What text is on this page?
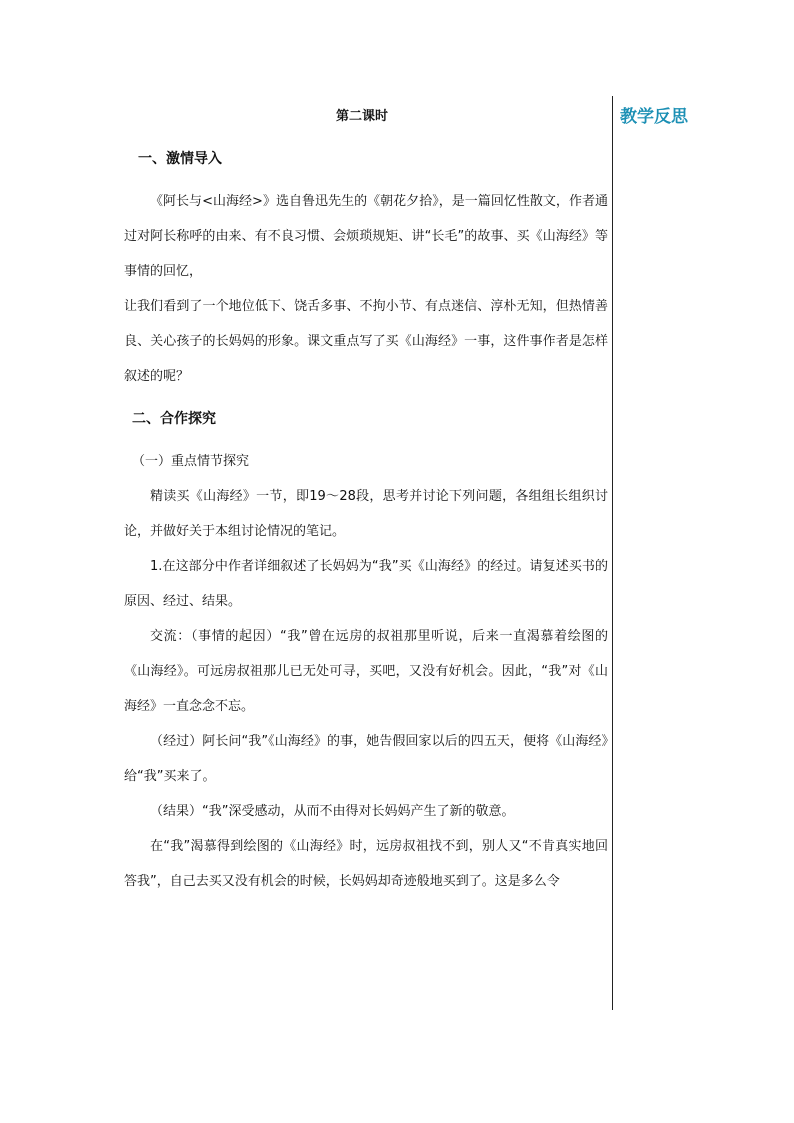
第二课时
一、激情导入

《阿长与<山海经>》选自鲁迅先生的《朝花夕拾》，是一篇回忆性散文，作者通过对阿长称呼的由来、有不良习惯、会烦琐规矩、讲“长毛”的故事、买《山海经》等事情的回忆，

让我们看到了一个地位低下、饶舌多事、不拘小节、有点迷信、淳朴无知，但热情善良、关心孩子的长妈妈的形象。课文重点写了买《山海经》一事，这件事作者是怎样叙述的呢？

二、合作探究
（一）重点情节探究

精读买《山海经》一节，即19～28段，思考并讨论下列问题，各组组长组织讨论，并做好关于本组讨论情况的笔记。

1.在这部分中作者详细叙述了长妈妈为“我”买《山海经》的经过。请复述买书的原因、经过、结果。

交流：（事情的起因）“我”曾在远房的叔祖那里听说，后来一直渴慕着绘图的《山海经》。可远房叔祖那儿已无处可寻，买吧，又没有好机会。因此，“我”对《山海经》一直念念不忘。

（经过）阿长问“我”《山海经》的事，她告假回家以后的四五天，便将《山海经》给“我”买来了。

（结果）“我”深受感动，从而不由得对长妈妈产生了新的敬意。

在“我”渴慕得到绘图的《山海经》时，远房叔祖找不到，别人又“不肯真实地回答我”，自己去买又没有机会的时候，长妈妈却奇迹般地买到了。这是多么令

教学反思
